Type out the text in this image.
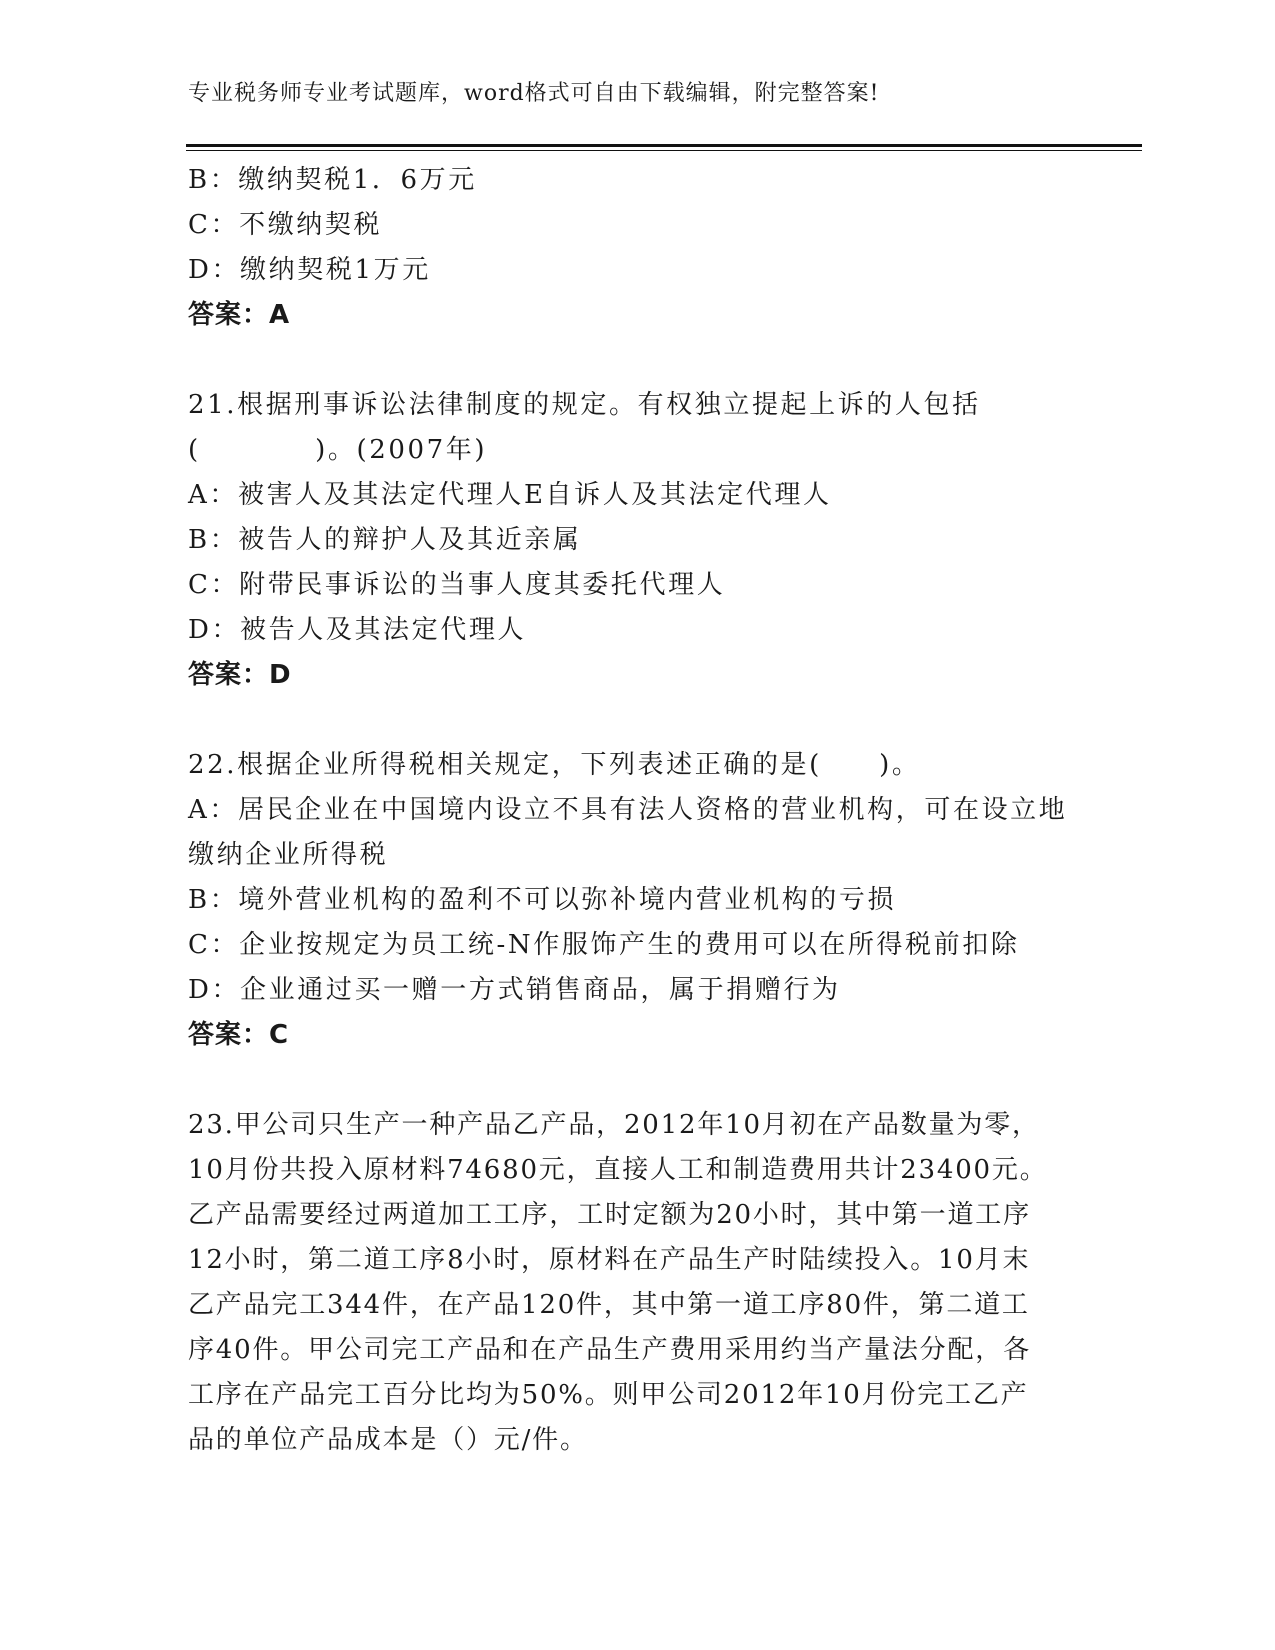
专业税务师专业考试题库，word格式可自由下载编辑，附完整答案!
B：缴纳契税1．6万元
C：不缴纳契税
D：缴纳契税1万元
答案：A
21.根据刑事诉讼法律制度的规定。有权独立提起上诉的人包括
(　　　　)。(2007年)
A：被害人及其法定代理人E自诉人及其法定代理人
B：被告人的辩护人及其近亲属
C：附带民事诉讼的当事人度其委托代理人
D：被告人及其法定代理人
答案：D
22.根据企业所得税相关规定，下列表述正确的是(　　)。
A：居民企业在中国境内设立不具有法人资格的营业机构，可在设立地
缴纳企业所得税
B：境外营业机构的盈利不可以弥补境内营业机构的亏损
C：企业按规定为员工统-N作服饰产生的费用可以在所得税前扣除
D：企业通过买一赠一方式销售商品，属于捐赠行为
答案：C
23.甲公司只生产一种产品乙产品，2012年10月初在产品数量为零，
10月份共投入原材料74680元，直接人工和制造费用共计23400元。
乙产品需要经过两道加工工序，工时定额为20小时，其中第一道工序
12小时，第二道工序8小时，原材料在产品生产时陆续投入。10月末
乙产品完工344件，在产品120件，其中第一道工序80件，第二道工
序40件。甲公司完工产品和在产品生产费用采用约当产量法分配，各
工序在产品完工百分比均为50%。则甲公司2012年10月份完工乙产
品的单位产品成本是（）元/件。
